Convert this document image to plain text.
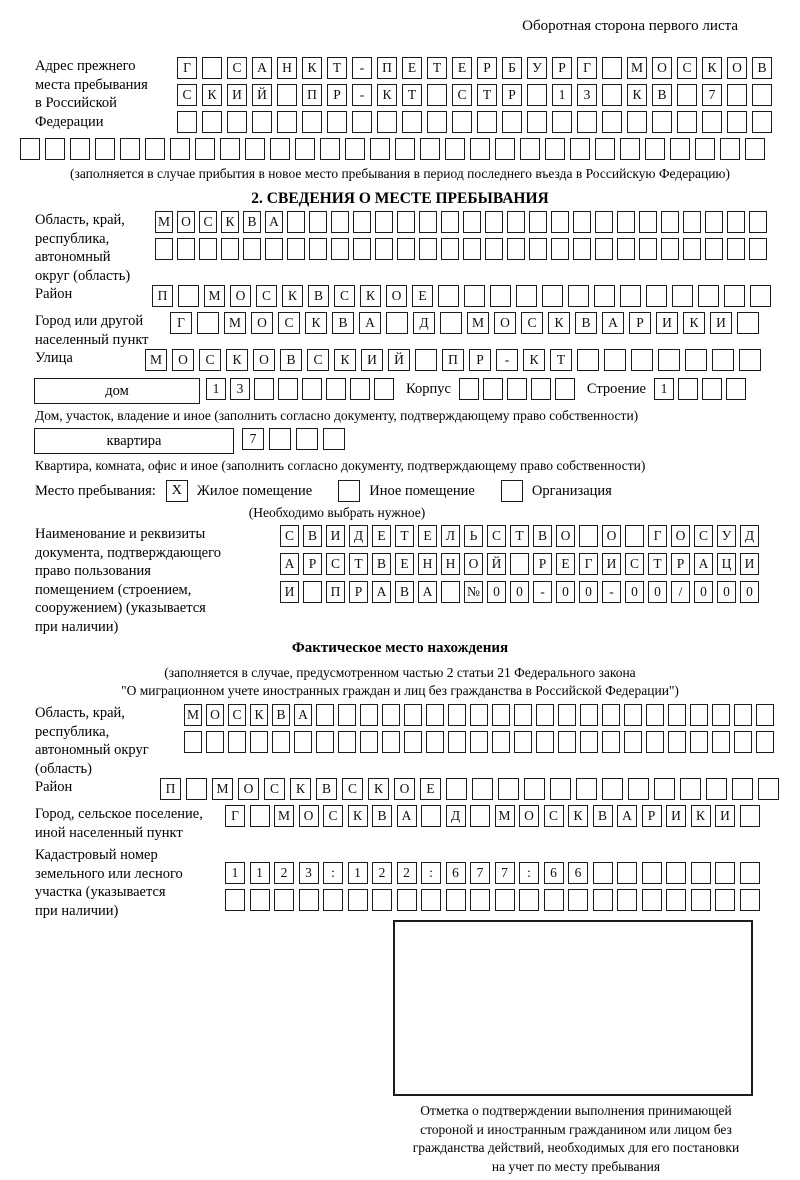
Оборотная сторона первого листа
Адрес прежнего
места пребывания
в Российской
Федерации
Г	С	А	Н	К	Т	-	П	Е	Т	Е	Р	Б	У	Р	Г	М	О	С	К	О	В
С	К	И	Й	П	Р	-	К	Т	С	Т	Р	1	3	К	В	7
(заполняется в случае прибытия в новое место пребывания в период последнего въезда в Российскую Федерацию)
2. СВЕДЕНИЯ О МЕСТЕ ПРЕБЫВАНИЯ
Область, край,
республика,
автономный
округ (область)
М О С К В А
Район	П	М	О	С	К	В	С	К	О	Е
Город или другой
населенный пункт
Г	М	О	С	К	В	А	Д	М	О	С	К	В	А	Р	И	К	И
Улица	М	О	С	К	О	В	С	К	И	Й	П	Р	-	К	Т
дом	1	3	Корпус	Строение	1
Дом, участок, владение и иное (заполнить согласно документу, подтверждающему право собственности)
квартира	7
Квартира, комната, офис и иное (заполнить согласно документу, подтверждающему право собственности)
Место пребывания:	X	Жилое помещение	Иное помещение	Организация
(Необходимо выбрать нужное)
Наименование и реквизиты
документа, подтверждающего
право пользования
помещением (строением,
сооружением) (указывается
при наличии)
С	В	И	Д	Е	Т	Е	Л	Ь	С	Т	В	О	О	Г	О	С	У	Д
А	Р	С	Т	В	Е	Н Н О Й	Р	Е	Г	И	С	Т	Р	А Ц И
И	П	Р	А	В	А	№ 0	0	-	0	0	-	0	0	/	0	0	0
Фактическое место нахождения
(заполняется в случае, предусмотренном частью 2 статьи 21 Федерального закона
"О миграционном учете иностранных граждан и лиц без гражданства в Российской Федерации")
Область, край,
республика,
автономный округ
(область)
М О С К В А
Район	П	М	О	С	К	В	С	К	О	Е
Город, сельское поселение,
иной населенный пункт
Г	М	О	С	К	В	А	Д	М	О	С	К	В	А	Р	И	К	И
Кадастровый номер
земельного или лесного
участка (указывается
при наличии)
1	1	2	3	:	1	2	2	:	6	7	7	:	6	6
Отметка о подтверждении выполнения принимающей
стороной и иностранным гражданином или лицом без
гражданства действий, необходимых для его постановки
на учет по месту пребывания
